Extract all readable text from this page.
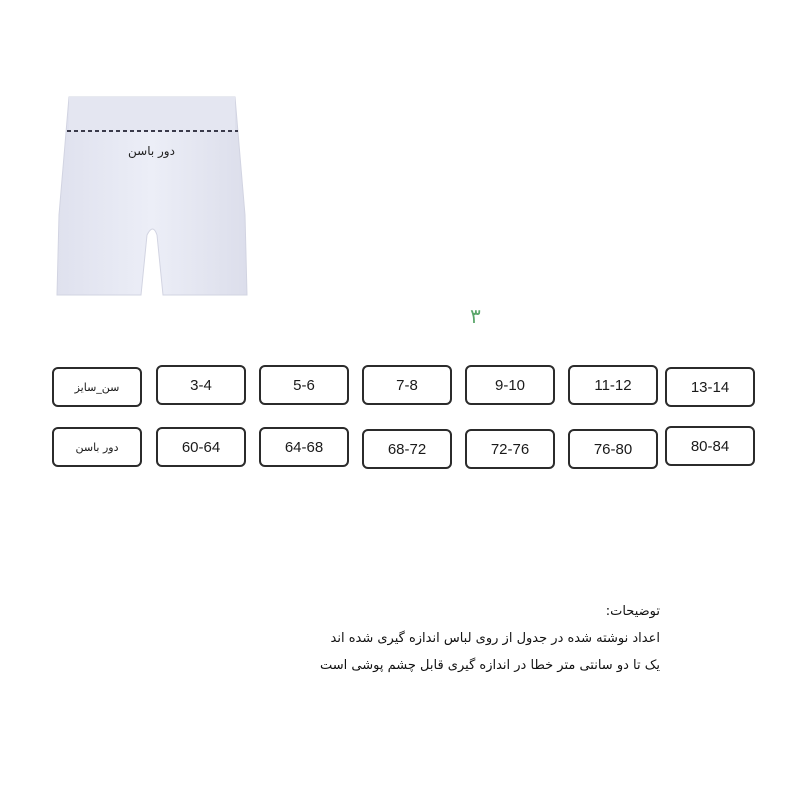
دور باسن
۳
سن_سایز	3-4	5-6	7-8	9-10	11-12	13-14
دور باسن	60-64	64-68	68-72	72-76	76-80	80-84
توضیحات:
اعداد نوشته شده در جدول از روی لباس اندازه گیری شده اند
یک تا دو سانتی متر خطا در اندازه گیری قابل چشم پوشی است
